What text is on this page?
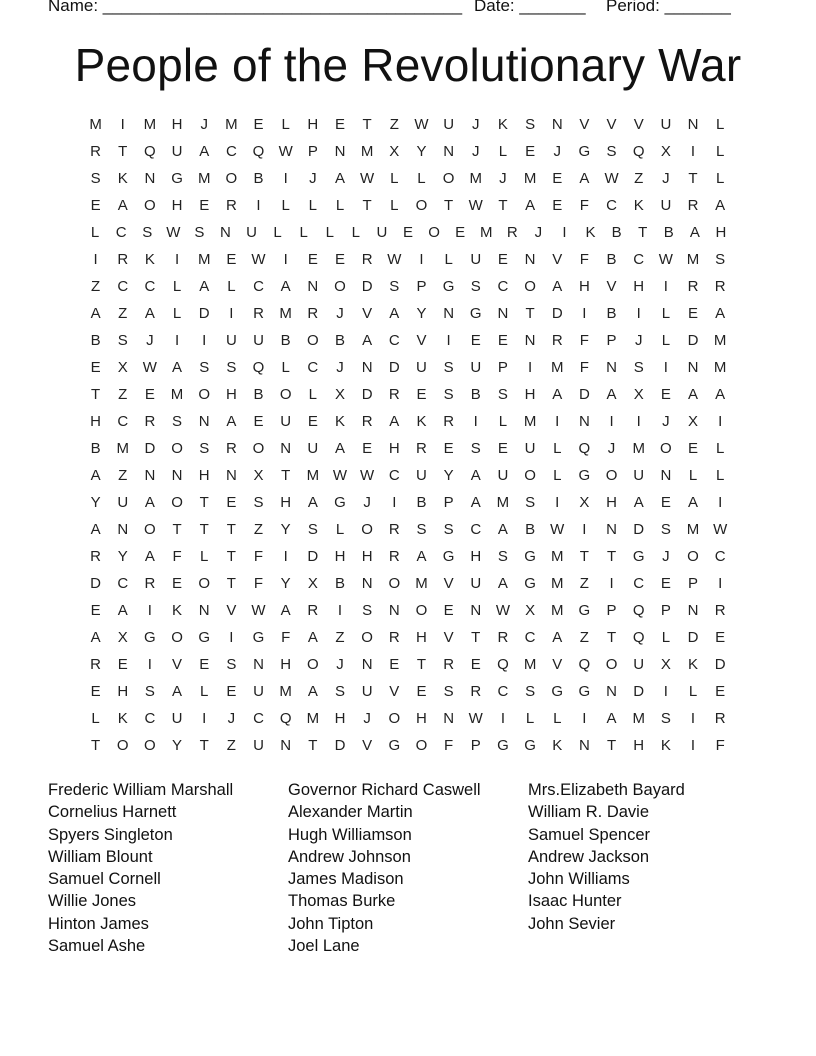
Name: ______________________________________ Date: _______ Period: _______
People of the Revolutionary War
M	I	M	H	J	M	E	L	H	E	T	Z	W U	J	K	S	N	V	V	V	U	N	L
R	T	Q	U	A	C	Q W	P	N	M	X	Y	N	J	L	E	J	G	S	Q	X	I	L
S	K	N	G	M	O	B	I	J	A	W	L	L	O	M	J	M	E	A	W	Z	J	T	L
E	A	O	H	E	R	I	L	L	L	T	L	O	T	W	T	A	E	F	C	K	U	R	A
L	C	S W S	N	U	L	L	L	L	U	E	O	E M R	J	I	K	B	T	B	A	H
I	R	K	I	M	E	W	I	E	E	R W	I	L	U	E	N	V	F	B	C W M	S
Z	C	C	L	A	L	C	A	N	O	D	S	P	G	S	C	O	A	H	V	H	I	R	R
A	Z	A	L	D	I	R	M	R	J	V	A	Y	N	G	N	T	D	I	B	I	L	E	A
B	S	J	I	I	U	U	B	O	B	A	C	V	I	E	E	N	R	F	P	J	L	D	M
E	X	W	A	S	S	Q	L	C	J	N	D	U	S	U	P	I	M	F	N	S	I	N	M
T	Z	E	M	O	H	B	O	L	X	D	R	E	S	B	S	H	A	D	A	X	E	A	A
H	C	R	S	N	A	E	U	E	K	R	A	K	R	I	L	M	I	N	I	I	J	X	I
B	M	D	O	S	R	O	N	U	A	E	H	R	E	S	E	U	L	Q	J	M	O	E	L
A	Z	N	N	H	N	X	T	M W W C	U	Y	A	U	O	L	G	O	U	N	L	L
Y	U	A	O	T	E	S	H	A	G	J	I	B	P	A	M	S	I	X	H	A	E	A	I
A	N	O	T	T	T	Z	Y	S	L	O	R	S	S	C	A	B	W	I	N	D	S	M W
R	Y	A	F	L	T	F	I	D	H	H	R	A	G	H	S	G	M	T	T	G	J	O	C
D	C	R	E	O	T	F	Y	X	B	N	O	M	V	U	A	G	M	Z	I	C	E	P	I
E	A	I	K	N	V	W	A	R	I	S	N	O	E	N W	X	M	G	P	Q	P	N	R
A	X	G	O	G	I	G	F	A	Z	O	R	H	V	T	R	C	A	Z	T	Q	L	D	E
R	E	I	V	E	S	N	H	O	J	N	E	T	R	E	Q	M	V	Q	O	U	X	K	D
E	H	S	A	L	E	U	M	A	S	U	V	E	S	R	C	S	G	G	N	D	I	L	E
L	K	C	U	I	J	C	Q	M	H	J	O	H	N W	I	L	L	I	A	M	S	I	R
T	O	O	Y	T	Z	U	N	T	D	V	G	O	F	P	G	G	K	N	T	H	K	I	F
Frederic William Marshall
Cornelius Harnett
Spyers Singleton
William Blount
Samuel Cornell
Willie Jones
Hinton James
Samuel Ashe
Governor Richard Caswell
Alexander Martin
Hugh Williamson
Andrew Johnson
James Madison
Thomas Burke
John Tipton
Joel Lane
Mrs.Elizabeth Bayard
William R. Davie
Samuel Spencer
Andrew Jackson
John Williams
Isaac Hunter
John Sevier
